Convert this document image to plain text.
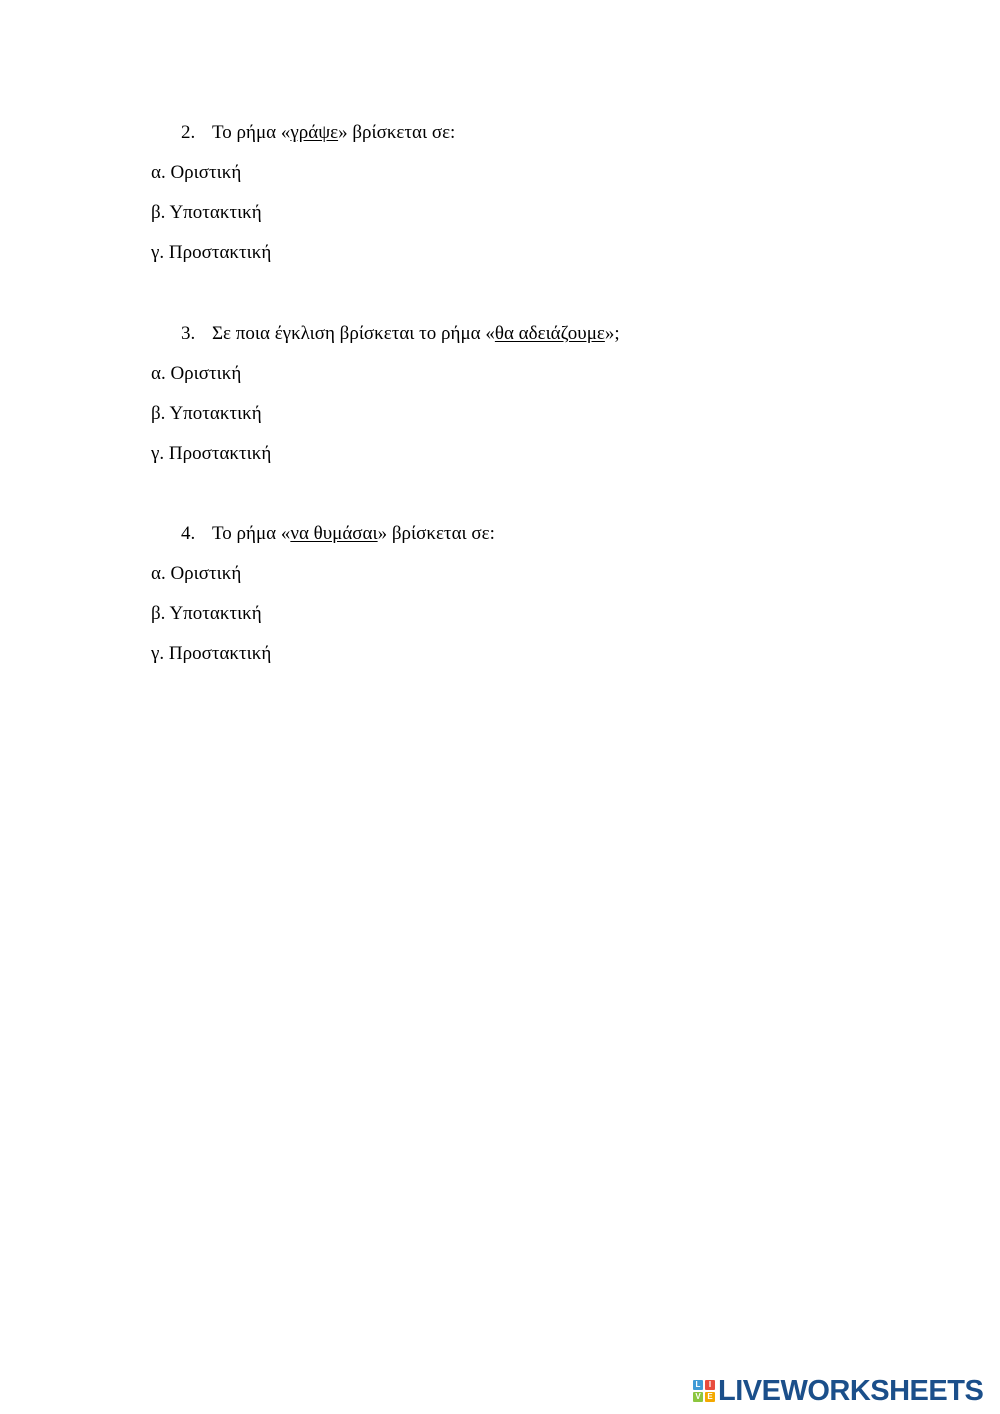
2. Το ρήμα «γράψε» βρίσκεται σε:
α. Οριστική
β. Υποτακτική
γ. Προστακτική
3. Σε ποια έγκλιση βρίσκεται το ρήμα «θα αδειάζουμε»;
α. Οριστική
β. Υποτακτική
γ. Προστακτική
4. Το ρήμα «να θυμάσαι» βρίσκεται σε:
α. Οριστική
β. Υποτακτική
γ. Προστακτική
L	I
V E LIVEWORKSHEETS
